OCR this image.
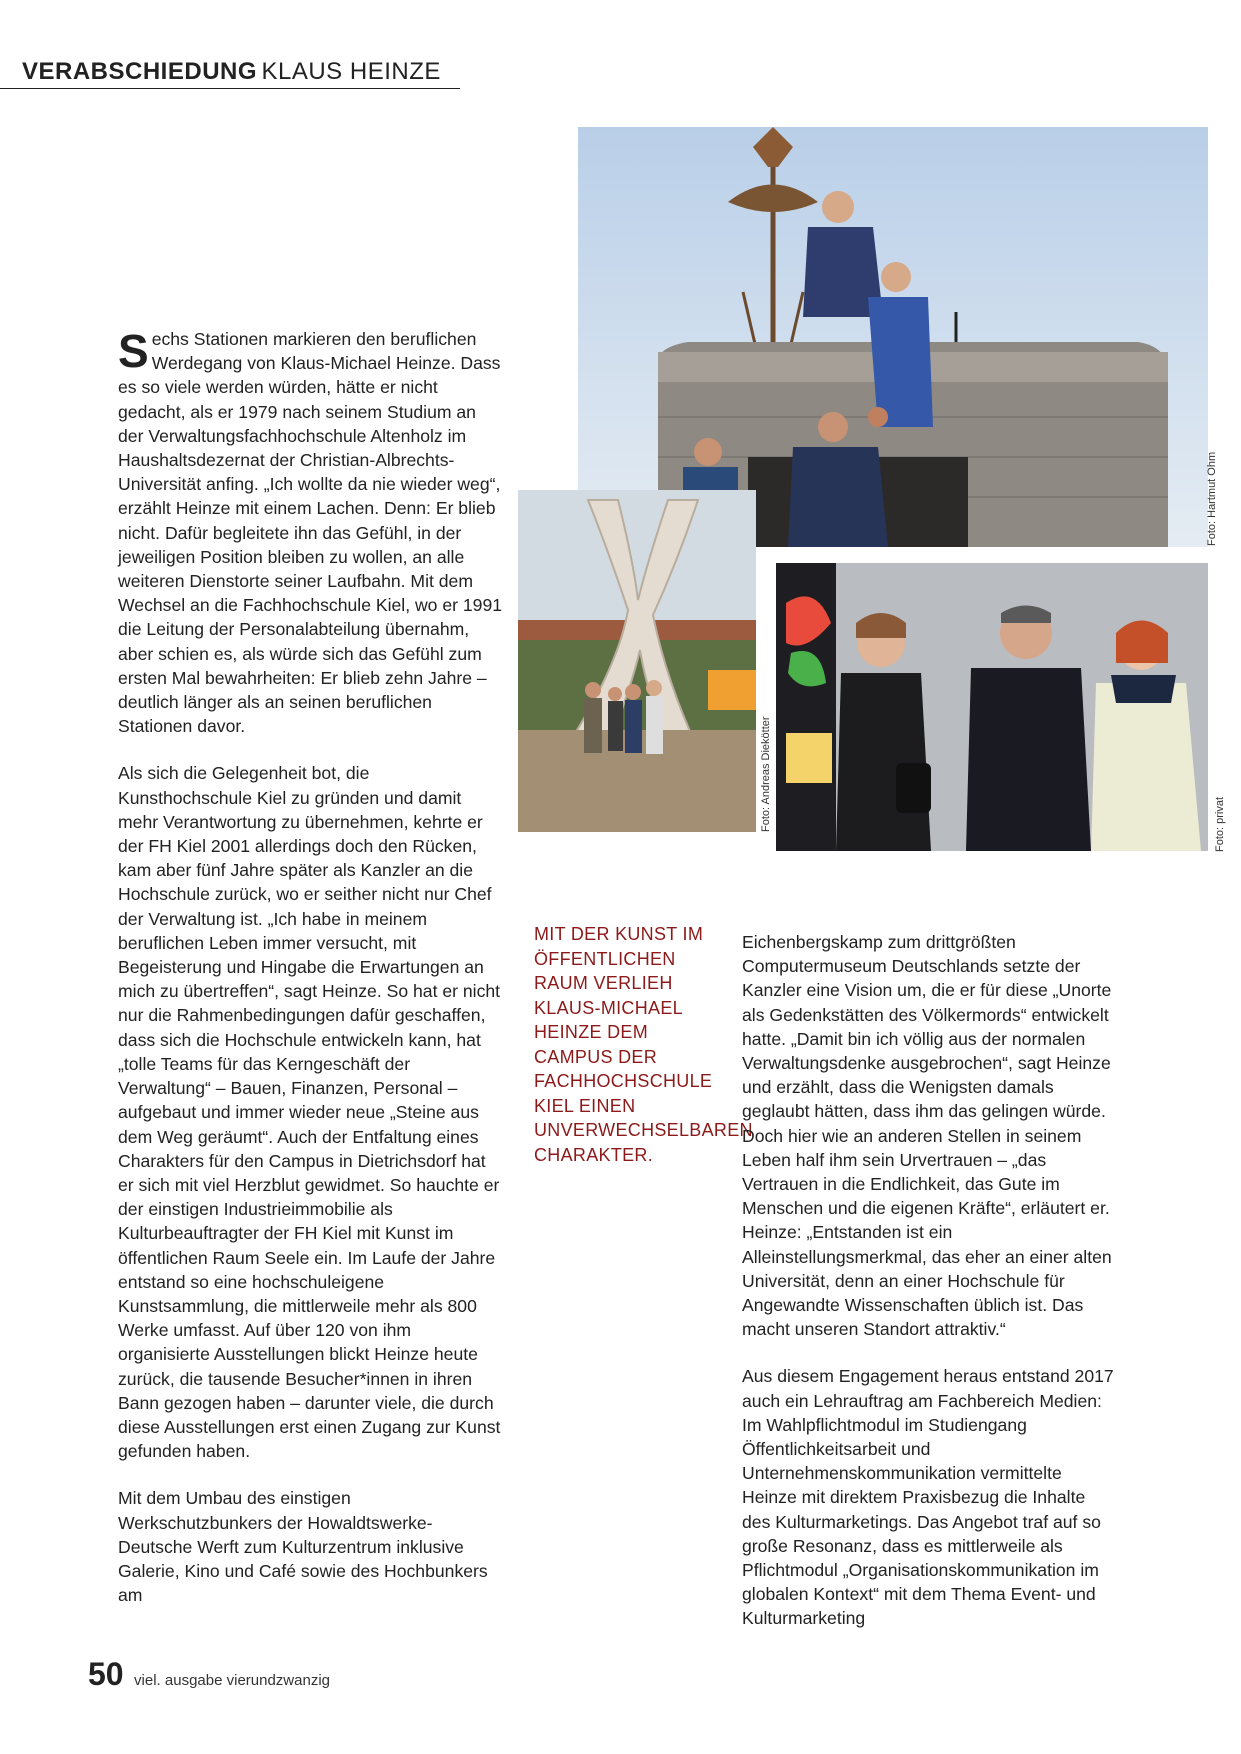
VERABSCHIEDUNG KLAUS HEINZE
Foto: Hartmut Ohm
Foto: Andreas Diekötter	Foto: privat

Sechs Stationen markieren den beruflichen Werdegang von Klaus-Michael Heinze. Dass es so viele werden würden, hätte er nicht gedacht, als er 1979 nach seinem Studium an der Verwaltungsfachhochschule Altenholz im Haushaltsdezernat der Christian-Albrechts-Universität anfing. „Ich wollte da nie wieder weg“, erzählt Heinze mit einem Lachen. Denn: Er blieb nicht. Dafür begleitete ihn das Gefühl, in der jeweiligen Position bleiben zu wollen, an alle weiteren Dienstorte seiner Laufbahn. Mit dem Wechsel an die Fachhochschule Kiel, wo er 1991 die Leitung der Personalabteilung übernahm, aber schien es, als würde sich das Gefühl zum ersten Mal bewahrheiten: Er blieb zehn Jahre – deutlich länger als an seinen beruflichen Stationen davor.

Als sich die Gelegenheit bot, die Kunsthochschule Kiel zu gründen und damit mehr Verantwortung zu übernehmen, kehrte er der FH Kiel 2001 allerdings doch den Rücken, kam aber fünf Jahre später als Kanzler an die Hochschule zurück, wo er seither nicht nur Chef der Verwaltung ist. „Ich habe in meinem beruflichen Leben immer versucht, mit Begeisterung und Hingabe die Erwartungen an mich zu übertreffen“, sagt Heinze. So hat er nicht nur die Rahmenbedingungen dafür geschaffen, dass sich die Hochschule entwickeln kann, hat „tolle Teams für das Kerngeschäft der Verwaltung“ – Bauen, Finanzen, Personal – aufgebaut und immer wieder neue „Steine aus dem Weg geräumt“. Auch der Entfaltung eines Charakters für den Campus in Dietrichsdorf hat er sich mit viel Herzblut gewidmet. So hauchte er der einstigen Industrieimmobilie als Kulturbeauftragter der FH Kiel mit Kunst im öffentlichen Raum Seele ein. Im Laufe der Jahre entstand so eine hochschuleigene Kunstsammlung, die mittlerweile mehr als 800 Werke umfasst. Auf über 120 von ihm organisierte Ausstellungen blickt Heinze heute zurück, die tausende Besucher*innen in ihren Bann gezogen haben – darunter viele, die durch diese Ausstellungen erst einen Zugang zur Kunst gefunden haben.

Mit dem Umbau des einstigen Werkschutzbunkers der Howaldtswerke-Deutsche Werft zum Kulturzentrum inklusive Galerie, Kino und Café sowie des Hochbunkers am

MIT DER KUNST IM ÖFFENTLICHEN RAUM VERLIEH KLAUS-MICHAEL HEINZE DEM CAMPUS DER FACHHOCHSCHULE KIEL EINEN UNVERWECHSELBAREN CHARAKTER.

Eichenbergskamp zum drittgrößten Computermuseum Deutschlands setzte der Kanzler eine Vision um, die er für diese „Unorte als Gedenkstätten des Völkermords“ entwickelt hatte. „Damit bin ich völlig aus der normalen Verwaltungsdenke ausgebrochen“, sagt Heinze und erzählt, dass die Wenigsten damals geglaubt hätten, dass ihm das gelingen würde. Doch hier wie an anderen Stellen in seinem Leben half ihm sein Urvertrauen – „das Vertrauen in die Endlichkeit, das Gute im Menschen und die eigenen Kräfte“, erläutert er. Heinze: „Entstanden ist ein Alleinstellungsmerkmal, das eher an einer alten Universität, denn an einer Hochschule für Angewandte Wissenschaften üblich ist. Das macht unseren Standort attraktiv.“

Aus diesem Engagement heraus entstand 2017 auch ein Lehrauftrag am Fachbereich Medien: Im Wahlpflichtmodul im Studiengang Öffentlichkeitsarbeit und Unternehmenskommunikation vermittelte Heinze mit direktem Praxisbezug die Inhalte des Kulturmarketings. Das Angebot traf auf so große Resonanz, dass es mittlerweile als Pflichtmodul „Organisationskommunikation im globalen Kontext“ mit dem Thema Event- und Kulturmarketing

50 viel. ausgabe vierundzwanzig
